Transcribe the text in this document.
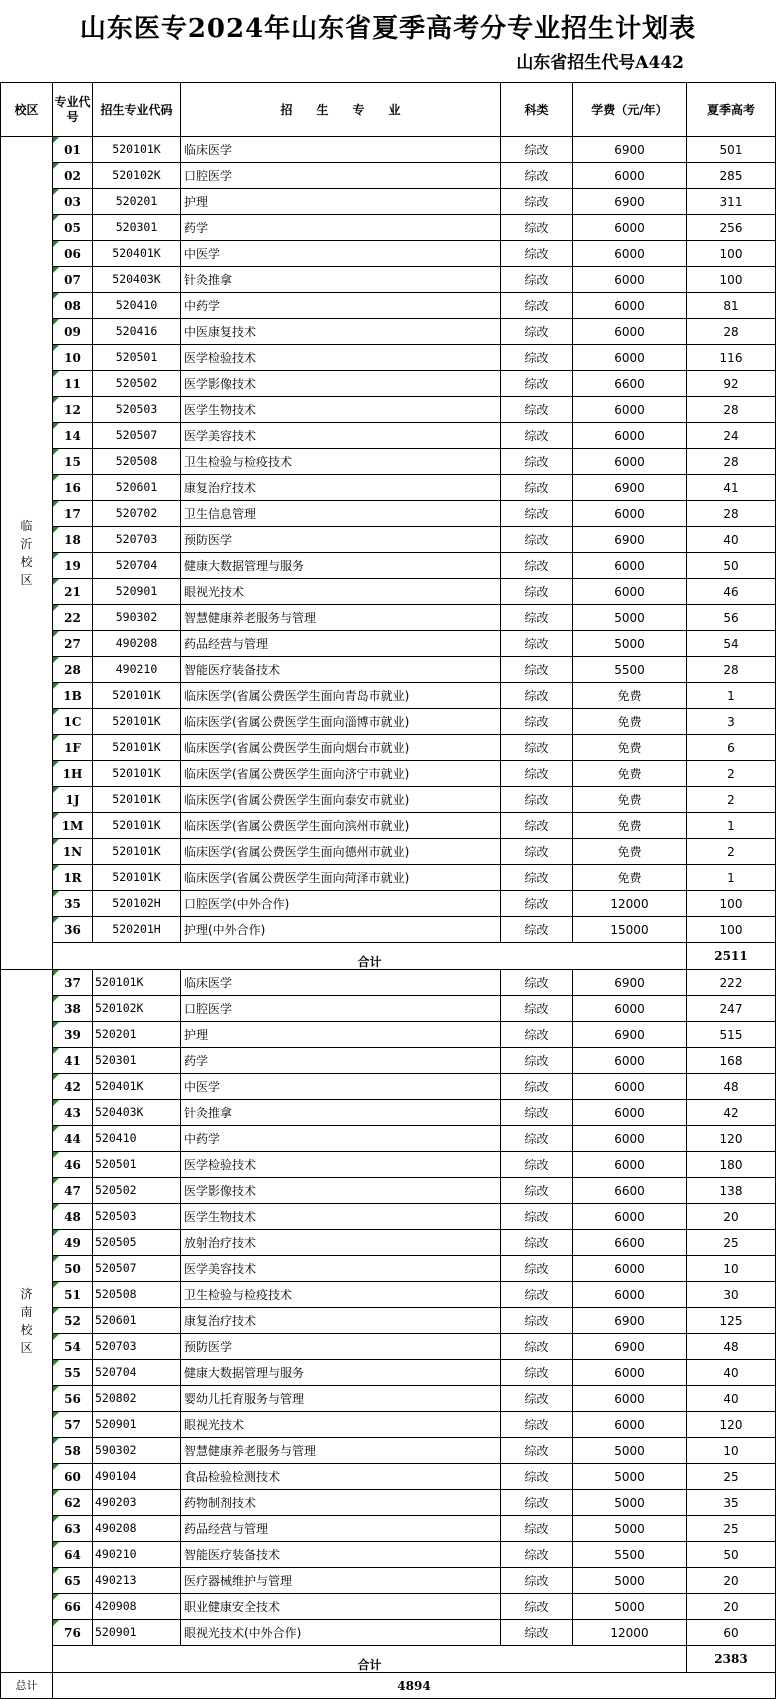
山东医专2024年山东省夏季高考分专业招生计划表
山东省招生代号A442
校区	专业代号	招生专业代码	招　　生　　专　　业	科类	学费（元/年）	夏季高考
临沂校区	01	520101K	临床医学	综改	6900	501
	02	520102K	口腔医学	综改	6000	285
	03	520201	护理	综改	6900	311
	05	520301	药学	综改	6000	256
	06	520401K	中医学	综改	6000	100
	07	520403K	针灸推拿	综改	6000	100
	08	520410	中药学	综改	6000	81
	09	520416	中医康复技术	综改	6000	28
	10	520501	医学检验技术	综改	6000	116
	11	520502	医学影像技术	综改	6600	92
	12	520503	医学生物技术	综改	6000	28
	14	520507	医学美容技术	综改	6000	24
	15	520508	卫生检验与检疫技术	综改	6000	28
	16	520601	康复治疗技术	综改	6900	41
	17	520702	卫生信息管理	综改	6000	28
	18	520703	预防医学	综改	6900	40
	19	520704	健康大数据管理与服务	综改	6000	50
	21	520901	眼视光技术	综改	6000	46
	22	590302	智慧健康养老服务与管理	综改	5000	56
	27	490208	药品经营与管理	综改	5000	54
	28	490210	智能医疗装备技术	综改	5500	28
	1B	520101K	临床医学(省属公费医学生面向青岛市就业)	综改	免费	1
	1C	520101K	临床医学(省属公费医学生面向淄博市就业)	综改	免费	3
	1F	520101K	临床医学(省属公费医学生面向烟台市就业)	综改	免费	6
	1H	520101K	临床医学(省属公费医学生面向济宁市就业)	综改	免费	2
	1J	520101K	临床医学(省属公费医学生面向泰安市就业)	综改	免费	2
	1M	520101K	临床医学(省属公费医学生面向滨州市就业)	综改	免费	1
	1N	520101K	临床医学(省属公费医学生面向德州市就业)	综改	免费	2
	1R	520101K	临床医学(省属公费医学生面向菏泽市就业)	综改	免费	1
	35	520102H	口腔医学(中外合作)	综改	12000	100
	36	520201H	护理(中外合作)	综改	15000	100
	合计					2511
济南校区	37	520101K	临床医学	综改	6900	222
	38	520102K	口腔医学	综改	6000	247
	39	520201	护理	综改	6900	515
	41	520301	药学	综改	6000	168
	42	520401K	中医学	综改	6000	48
	43	520403K	针灸推拿	综改	6000	42
	44	520410	中药学	综改	6000	120
	46	520501	医学检验技术	综改	6000	180
	47	520502	医学影像技术	综改	6600	138
	48	520503	医学生物技术	综改	6000	20
	49	520505	放射治疗技术	综改	6600	25
	50	520507	医学美容技术	综改	6000	10
	51	520508	卫生检验与检疫技术	综改	6000	30
	52	520601	康复治疗技术	综改	6900	125
	54	520703	预防医学	综改	6900	48
	55	520704	健康大数据管理与服务	综改	6000	40
	56	520802	婴幼儿托育服务与管理	综改	6000	40
	57	520901	眼视光技术	综改	6000	120
	58	590302	智慧健康养老服务与管理	综改	5000	10
	60	490104	食品检验检测技术	综改	5000	25
	62	490203	药物制剂技术	综改	5000	35
	63	490208	药品经营与管理	综改	5000	25
	64	490210	智能医疗装备技术	综改	5500	50
	65	490213	医疗器械维护与管理	综改	5000	20
	66	420908	职业健康安全技术	综改	5000	20
	76	520901	眼视光技术(中外合作)	综改	12000	60
	合计					2383
总计	4894					
